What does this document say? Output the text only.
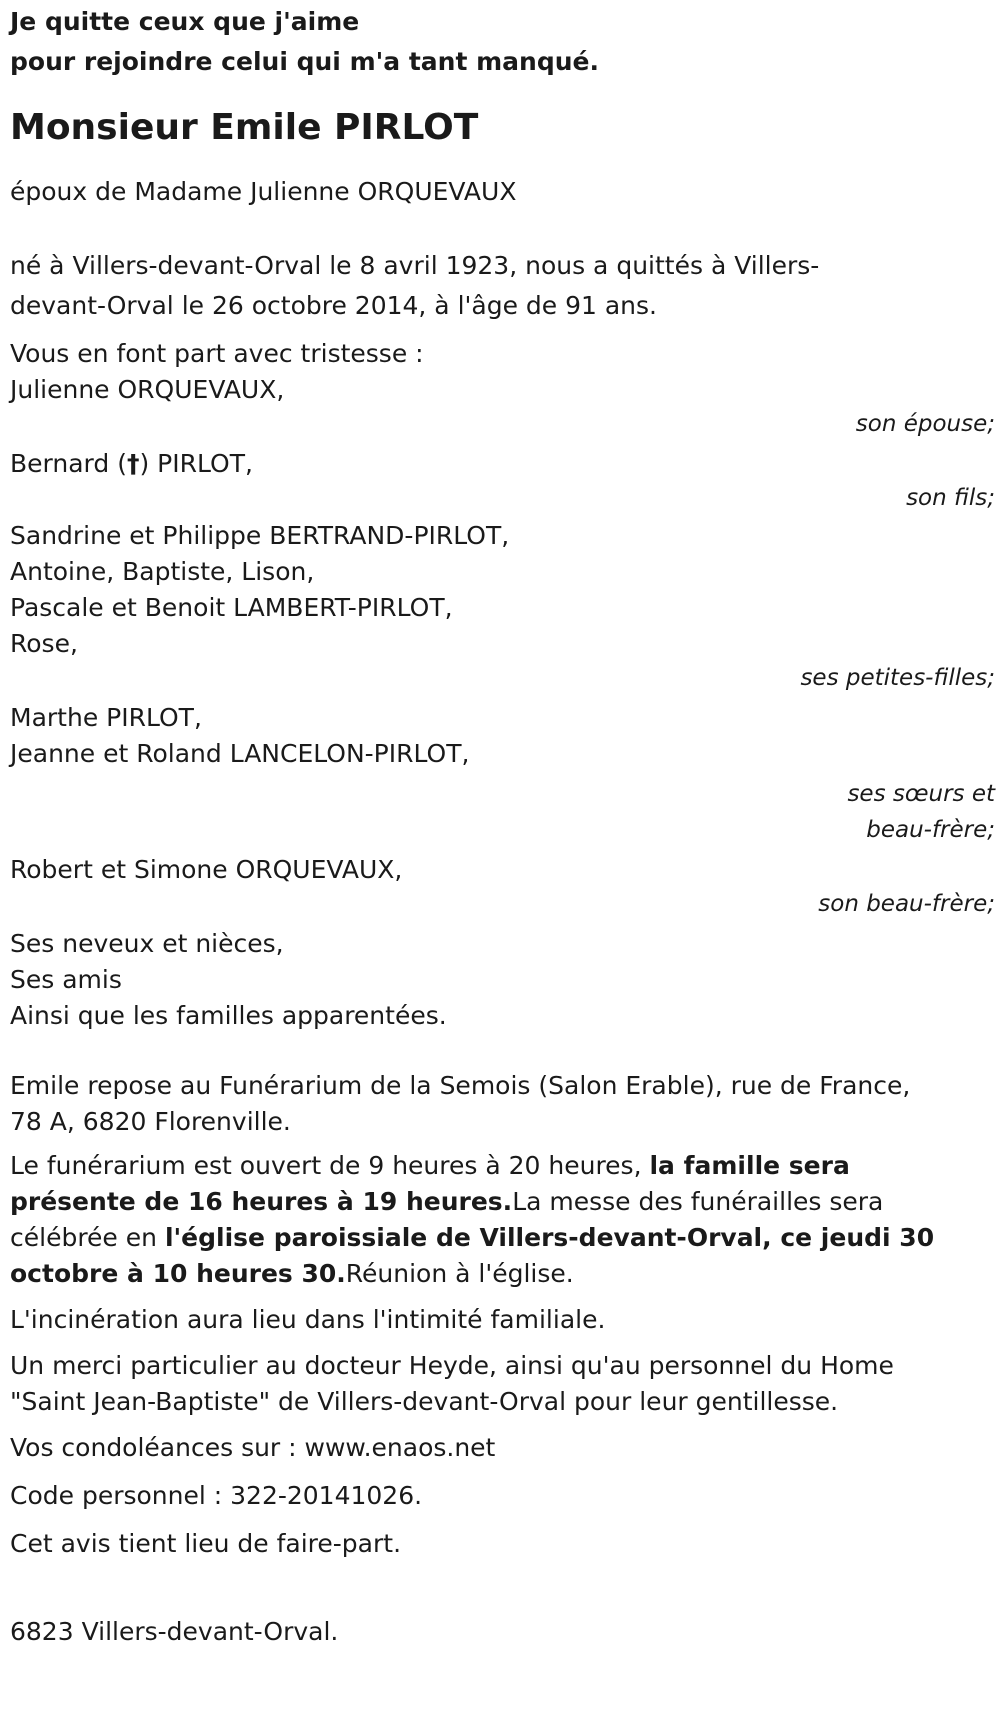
Je quitte ceux que j'aime
pour rejoindre celui qui m'a tant manqué.
Monsieur Emile PIRLOT
époux de Madame Julienne ORQUEVAUX
né à Villers-devant-Orval le 8 avril 1923, nous a quittés à Villers-
devant-Orval le 26 octobre 2014, à l'âge de 91 ans.
Vous en font part avec tristesse :
Julienne ORQUEVAUX,
son épouse;
Bernard (†) PIRLOT,
son fils;
Sandrine et Philippe BERTRAND-PIRLOT,
Antoine, Baptiste, Lison,
Pascale et Benoit LAMBERT-PIRLOT,
Rose,
ses petites-filles;
Marthe PIRLOT,
Jeanne et Roland LANCELON-PIRLOT,
ses sœurs et
beau-frère;
Robert et Simone ORQUEVAUX,
son beau-frère;
Ses neveux et nièces,
Ses amis
Ainsi que les familles apparentées.
Emile repose au Funérarium de la Semois (Salon Erable), rue de France,
78 A, 6820 Florenville.
Le funérarium est ouvert de 9 heures à 20 heures, la famille sera
présente de 16 heures à 19 heures.La messe des funérailles sera
célébrée en l'église paroissiale de Villers-devant-Orval, ce jeudi 30
octobre à 10 heures 30.Réunion à l'église.
L'incinération aura lieu dans l'intimité familiale.
Un merci particulier au docteur Heyde, ainsi qu'au personnel du Home
"Saint Jean-Baptiste" de Villers-devant-Orval pour leur gentillesse.
Vos condoléances sur : www.enaos.net
Code personnel : 322-20141026.
Cet avis tient lieu de faire-part.
6823 Villers-devant-Orval.
